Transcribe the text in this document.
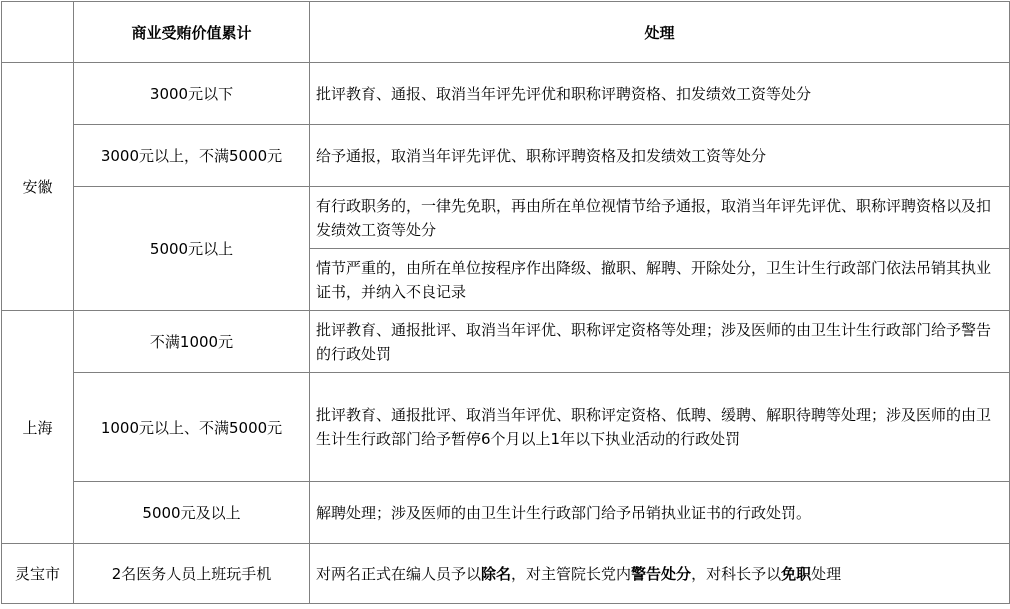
	商业受贿价值累计	处理
安徽	3000元以下	批评教育、通报、取消当年评先评优和职称评聘资格、扣发绩效工资等处分
	3000元以上，不满5000元	给予通报，取消当年评先评优、职称评聘资格及扣发绩效工资等处分
	5000元以上	有行政职务的，一律先免职，再由所在单位视情节给予通报，取消当年评先评优、职称评聘资格以及扣发绩效工资等处分
		情节严重的，由所在单位按程序作出降级、撤职、解聘、开除处分，卫生计生行政部门依法吊销其执业证书，并纳入不良记录
上海	不满1000元	批评教育、通报批评、取消当年评优、职称评定资格等处理；涉及医师的由卫生计生行政部门给予警告的行政处罚
	1000元以上、不满5000元	批评教育、通报批评、取消当年评优、职称评定资格、低聘、缓聘、解职待聘等处理；涉及医师的由卫生计生行政部门给予暂停6个月以上1年以下执业活动的行政处罚
	5000元及以上	解聘处理；涉及医师的由卫生计生行政部门给予吊销执业证书的行政处罚。
灵宝市	2名医务人员上班玩手机	对两名正式在编人员予以除名，对主管院长党内警告处分，对科长予以免职处理
